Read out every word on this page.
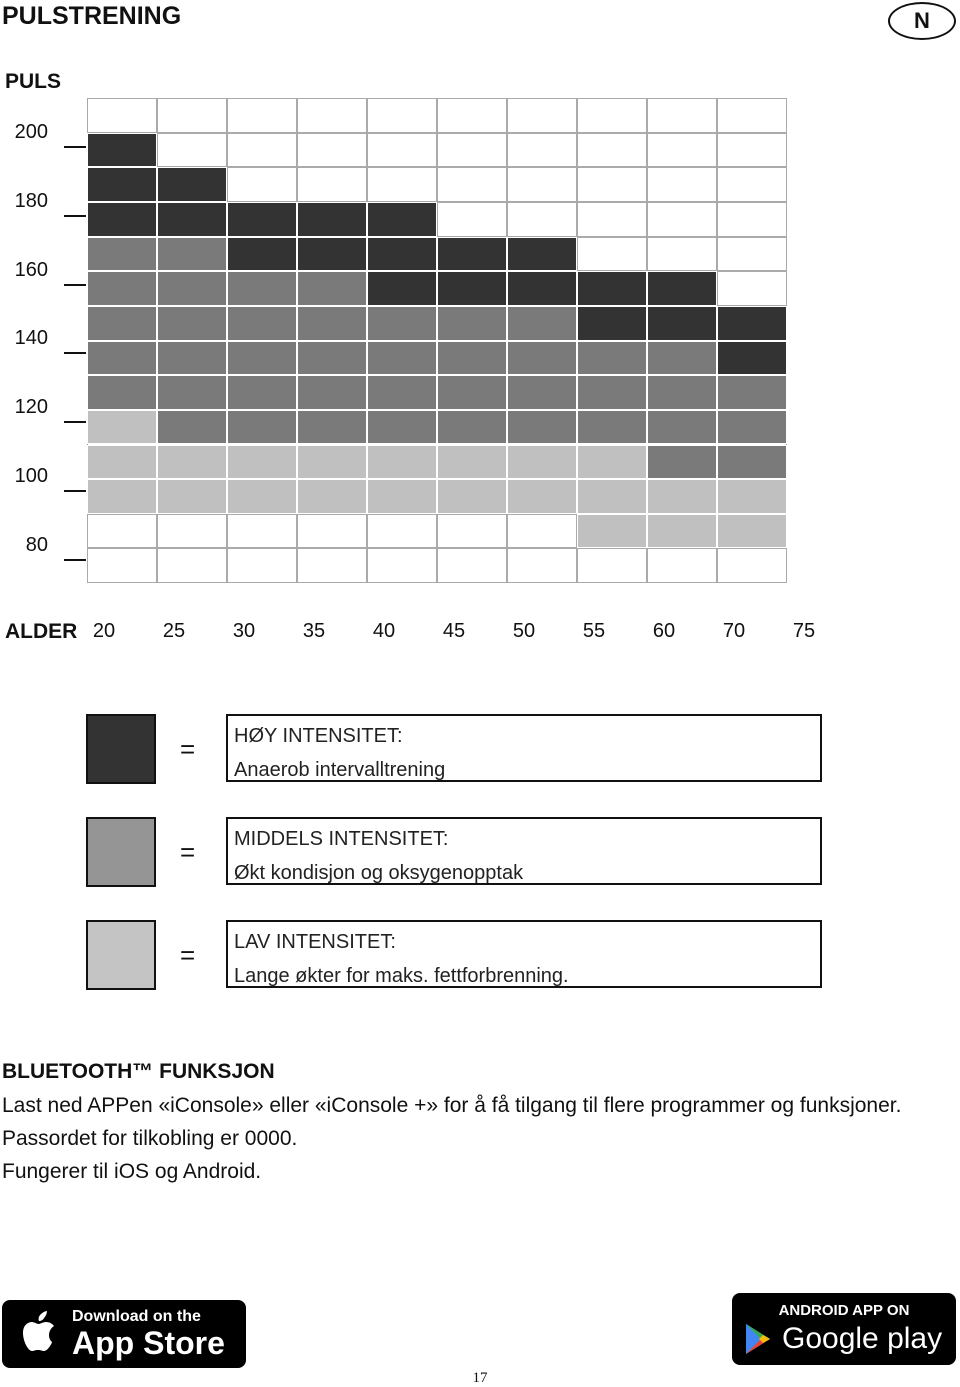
PULSTRENING	N
PULS
200
180
160
140
120
100
80
20	25	30	35	40	45	50	55	60	70	75
ALDER
= HØY INTENSITET:
Anaerob intervalltrening
= MIDDELS INTENSITET:
Økt kondisjon og oksygenopptak
= LAV INTENSITET:
Lange økter for maks. fettforbrenning.
BLUETOOTH™ FUNKSJON
Last ned APPen «iConsole» eller «iConsole +» for å få tilgang til flere programmer og funksjoner.
Passordet for tilkobling er 0000.
Fungerer til iOS og Android.
Download on the
App Store
ANDROID APP ON
Google play
17
